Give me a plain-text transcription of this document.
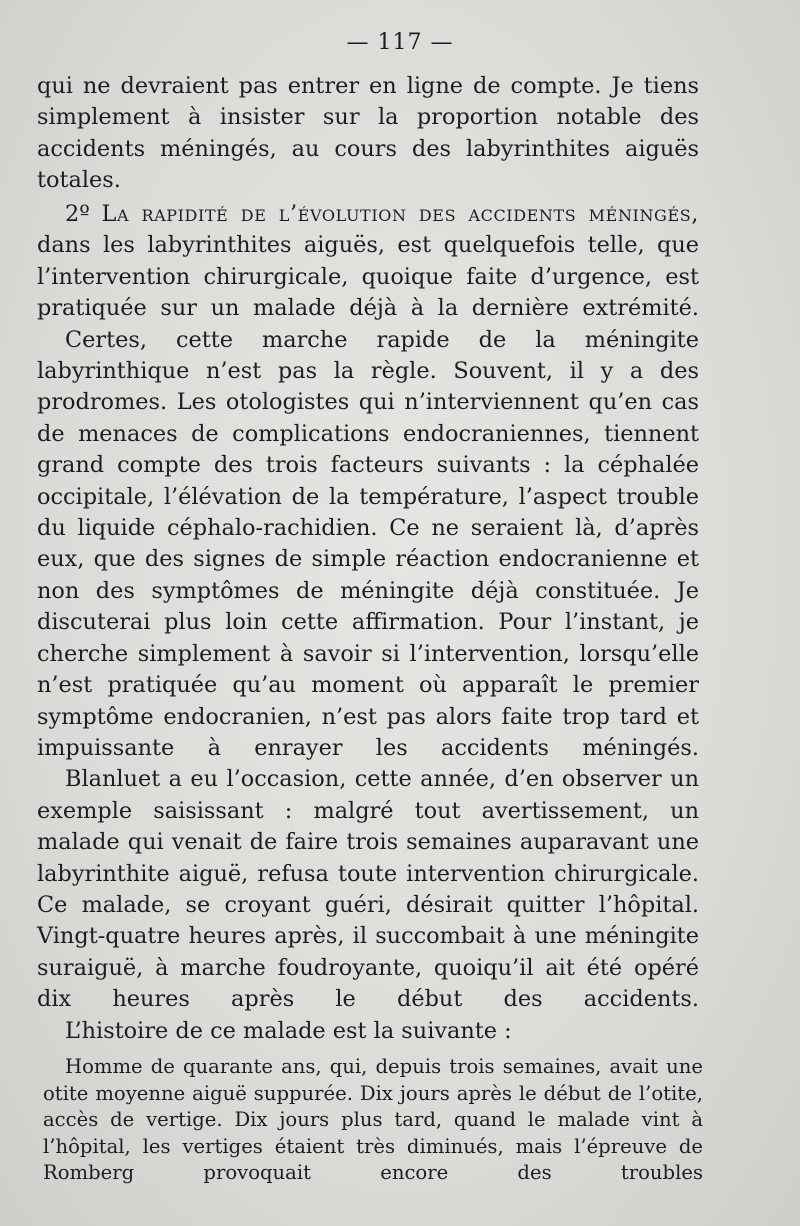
— 117 —

qui ne devraient pas entrer en ligne de compte. Je tiens simplement à insister sur la proportion notable des accidents méningés, au cours des labyrinthites aiguës totales.

2º La rapidité de l’évolution des accidents méningés, dans les labyrinthites aiguës, est quelquefois telle, que l’intervention chirurgicale, quoique faite d’urgence, est pratiquée sur un malade déjà à la dernière extrémité.

Certes, cette marche rapide de la méningite labyrinthique n’est pas la règle. Souvent, il y a des prodromes. Les otologistes qui n’interviennent qu’en cas de menaces de complications endocraniennes, tiennent grand compte des trois facteurs suivants : la céphalée occipitale, l’élévation de la température, l’aspect trouble du liquide céphalo-rachidien. Ce ne seraient là, d’après eux, que des signes de simple réaction endocranienne et non des symptômes de méningite déjà constituée. Je discuterai plus loin cette affirmation. Pour l’instant, je cherche simplement à savoir si l’intervention, lorsqu’elle n’est pratiquée qu’au moment où apparaît le premier symptôme endocranien, n’est pas alors faite trop tard et impuissante à enrayer les accidents méningés.

Blanluet a eu l’occasion, cette année, d’en observer un exemple saisissant : malgré tout avertissement, un malade qui venait de faire trois semaines auparavant une labyrinthite aiguë, refusa toute intervention chirurgicale. Ce malade, se croyant guéri, désirait quitter l’hôpital. Vingt-quatre heures après, il succombait à une méningite suraiguë, à marche foudroyante, quoiqu’il ait été opéré dix heures après le début des accidents.

L’histoire de ce malade est la suivante :

Homme de quarante ans, qui, depuis trois semaines, avait une otite moyenne aiguë suppurée. Dix jours après le début de l’otite, accès de vertige. Dix jours plus tard, quand le malade vint à l’hôpital, les vertiges étaient très diminués, mais l’épreuve de Romberg provoquait encore des troubles
